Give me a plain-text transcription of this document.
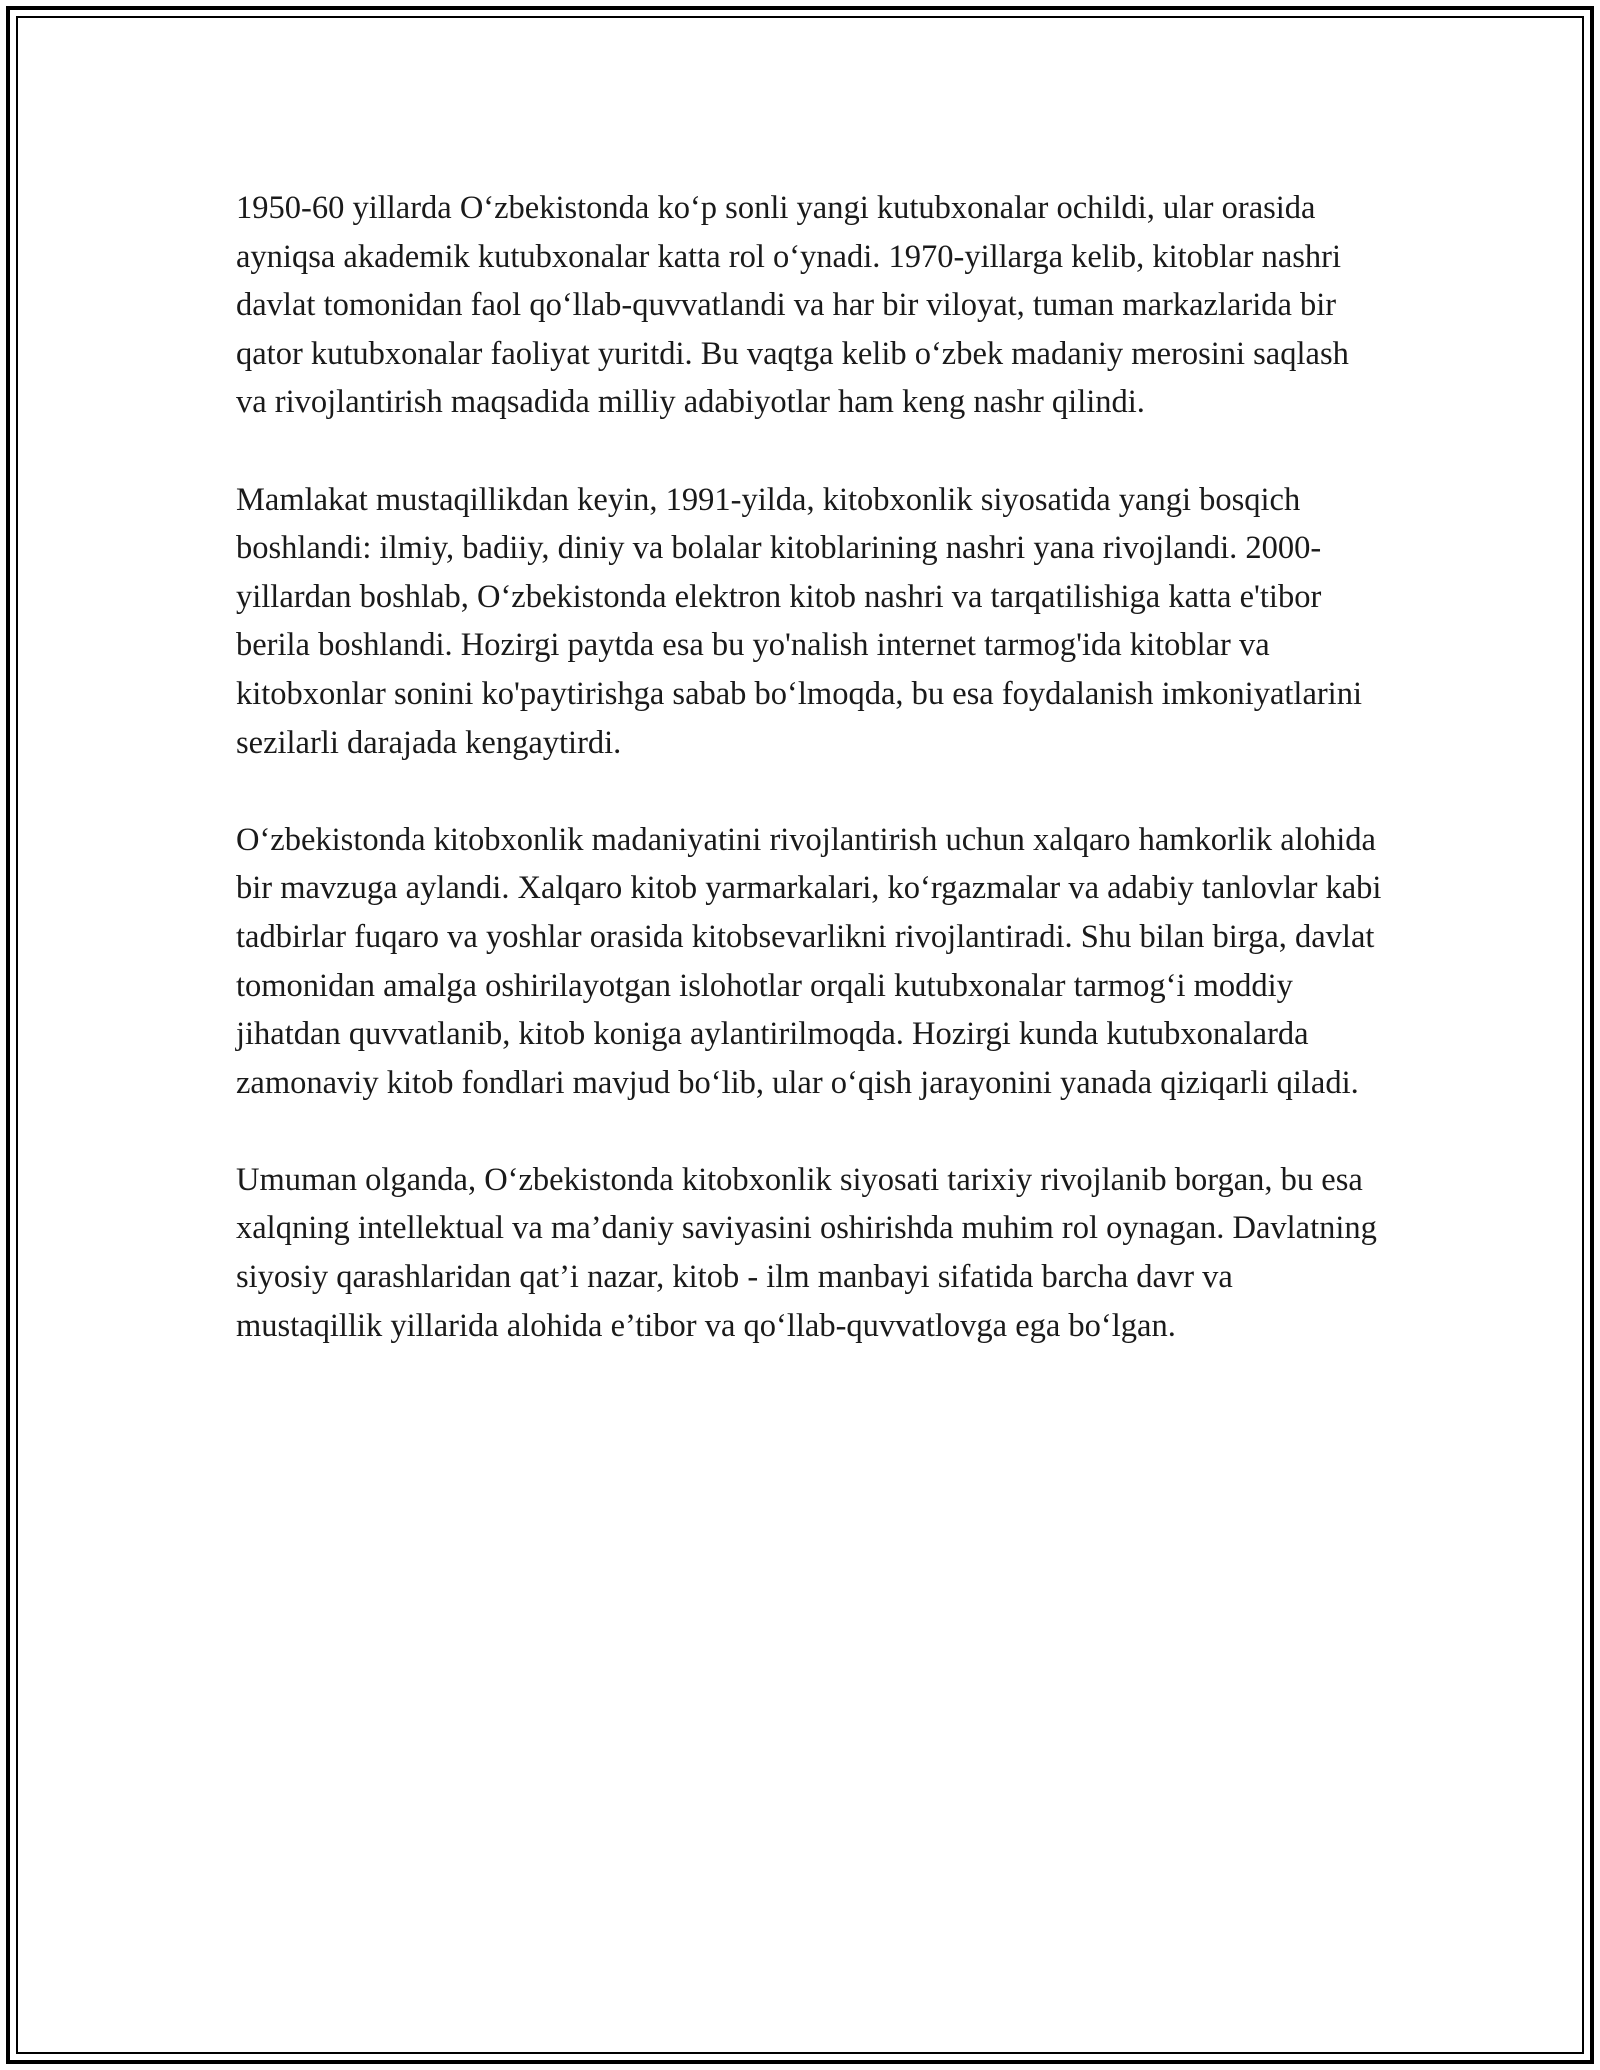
1950-60 yillarda O‘zbekistonda ko‘p sonli yangi kutubxonalar ochildi, ular orasida ayniqsa akademik kutubxonalar katta rol o‘ynadi. 1970-yillarga kelib, kitoblar nashri davlat tomonidan faol qo‘llab-quvvatlandi va har bir viloyat, tuman markazlarida bir qator kutubxonalar faoliyat yuritdi. Bu vaqtga kelib o‘zbek madaniy merosini saqlash va rivojlantirish maqsadida milliy adabiyotlar ham keng nashr qilindi.

Mamlakat mustaqillikdan keyin, 1991-yilda, kitobxonlik siyosatida yangi bosqich boshlandi: ilmiy, badiiy, diniy va bolalar kitoblarining nashri yana rivojlandi. 2000-yillardan boshlab, O‘zbekistonda elektron kitob nashri va tarqatilishiga katta e'tibor berila boshlandi. Hozirgi paytda esa bu yo'nalish internet tarmog'ida kitoblar va kitobxonlar sonini ko'paytirishga sabab bo‘lmoqda, bu esa foydalanish imkoniyatlarini sezilarli darajada kengaytirdi.

O‘zbekistonda kitobxonlik madaniyatini rivojlantirish uchun xalqaro hamkorlik alohida bir mavzuga aylandi. Xalqaro kitob yarmarkalari, ko‘rgazmalar va adabiy tanlovlar kabi tadbirlar fuqaro va yoshlar orasida kitobsevarlikni rivojlantiradi. Shu bilan birga, davlat tomonidan amalga oshirilayotgan islohotlar orqali kutubxonalar tarmog‘i moddiy jihatdan quvvatlanib, kitob koniga aylantirilmoqda. Hozirgi kunda kutubxonalarda zamonaviy kitob fondlari mavjud bo‘lib, ular o‘qish jarayonini yanada qiziqarli qiladi.

Umuman olganda, O‘zbekistonda kitobxonlik siyosati tarixiy rivojlanib borgan, bu esa xalqning intellektual va ma’daniy saviyasini oshirishda muhim rol oynagan. Davlatning siyosiy qarashlaridan qat’i nazar, kitob - ilm manbayi sifatida barcha davr va mustaqillik yillarida alohida e’tibor va qo‘llab-quvvatlovga ega bo‘lgan.
